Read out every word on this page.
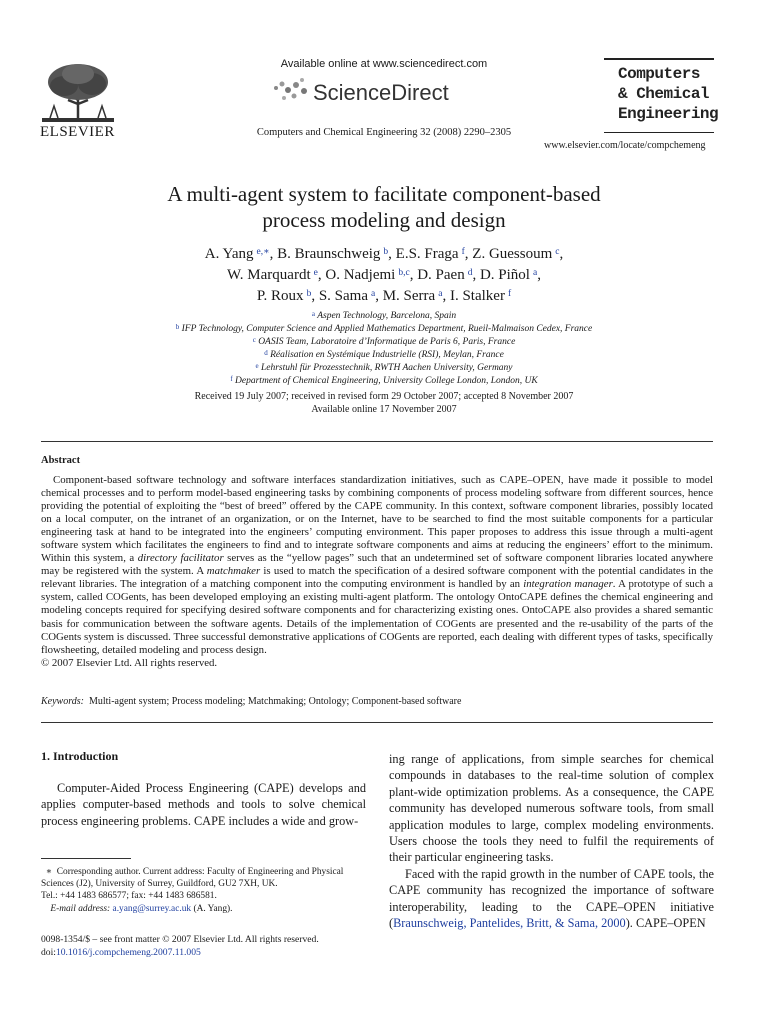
ELSEVIER
Available online at www.sciencedirect.com
ScienceDirect
Computers and Chemical Engineering 32 (2008) 2290–2305
Computers
& Chemical
Engineering
www.elsevier.com/locate/compchemeng
A multi-agent system to facilitate component-based
process modeling and design
A. Yang  $^{e,∗}$, B. Braunschweig  $^b$, E.S. Fraga  $^f$, Z. Guessoum  $^c$,
W. Marquardt  $^e$, O. Nadjemi  $^{b,c}$, D. Paen  $^d$, D. Piñol  $^a$,
P. Roux  $^b$, S. Sama  $^a$, M. Serra  $^a$, I. Stalker  $^f$
$^a$ Aspen Technology, Barcelona, Spain
$^b$ IFP Technology, Computer Science and Applied Mathematics Department, Rueil-Malmaison Cedex, France
$^c$ OASIS Team, Laboratoire d’Informatique de Paris 6, Paris, France
$^d$ Réalisation en Systémique Industrielle (RSI), Meylan, France
$^e$ Lehrstuhl für Prozesstechnik, RWTH Aachen University, Germany
$^f$ Department of Chemical Engineering, University College London, London, UK
Received 19 July 2007; received in revised form 29 October 2007; accepted 8 November 2007
Available online 17 November 2007
Abstract

Component-based software technology and software interfaces standardization initiatives, such as CAPE–OPEN, have made it possible to model chemical processes and to perform model-based engineering tasks by combining components of process modeling software from different sources, hence providing the potential of exploiting the “best of breed” offered by the CAPE community. In this context, software component libraries, possibly located on a local computer, on the intranet of an organization, or on the Internet, have to be searched to find the most suitable components for a particular engineering task at hand to be integrated into the engineers’ computing environment. This paper proposes to address this issue through a multi-agent software system which facilitates the engineers to find and to integrate software components and aims at reducing the engineers’ effort to the minimum. Within this system, a directory facilitator serves as the “yellow pages” such that an undetermined set of software component libraries located anywhere may be registered with the system. A matchmaker is used to match the specification of a desired software component with the potential candidates in the relevant libraries. The integration of a matching component into the computing environment is handled by an integration manager. A prototype of such a system, called COGents, has been developed employing an existing multi-agent platform. The ontology OntoCAPE defines the chemical engineering and modeling concepts required for specifying desired software components and for characterizing existing ones. OntoCAPE also provides a shared semantic basis for communication between the software agents. Details of the implementation of COGents are presented and the re-usability of the parts of the COGents system is discussed. Three successful demonstrative applications of COGents are reported, each dealing with different types of tasks, specifically flowsheeting, detailed modeling and process design.

© 2007 Elsevier Ltd. All rights reserved.

Keywords: Multi-agent system; Process modeling; Matchmaking; Ontology; Component-based software
1. Introduction

Computer-Aided Process Engineering (CAPE) develops and applies computer-based methods and tools to solve chemical process engineering problems. CAPE includes a wide and grow-

∗ Corresponding author. Current address: Faculty of Engineering and Physical
Sciences (J2), University of Surrey, Guildford, GU2 7XH, UK.
Tel.: +44 1483 686577; fax: +44 1483 686581.
E-mail address: a.yang@surrey.ac.uk (A. Yang).
0098-1354/$ – see front matter © 2007 Elsevier Ltd. All rights reserved.
doi:10.1016/j.compchemeng.2007.11.005

ing range of applications, from simple searches for chemical compounds in databases to the real-time solution of complex plant-wide optimization problems. As a consequence, the CAPE community has developed numerous software tools, from small application modules to large, complex modeling environments. Users choose the tools they need to fulfil the requirements of their particular engineering tasks.

Faced with the rapid growth in the number of CAPE tools, the CAPE community has recognized the importance of software interoperability, leading to the CAPE–OPEN initiative (Braunschweig, Pantelides, Britt, & Sama, 2000). CAPE–OPEN
